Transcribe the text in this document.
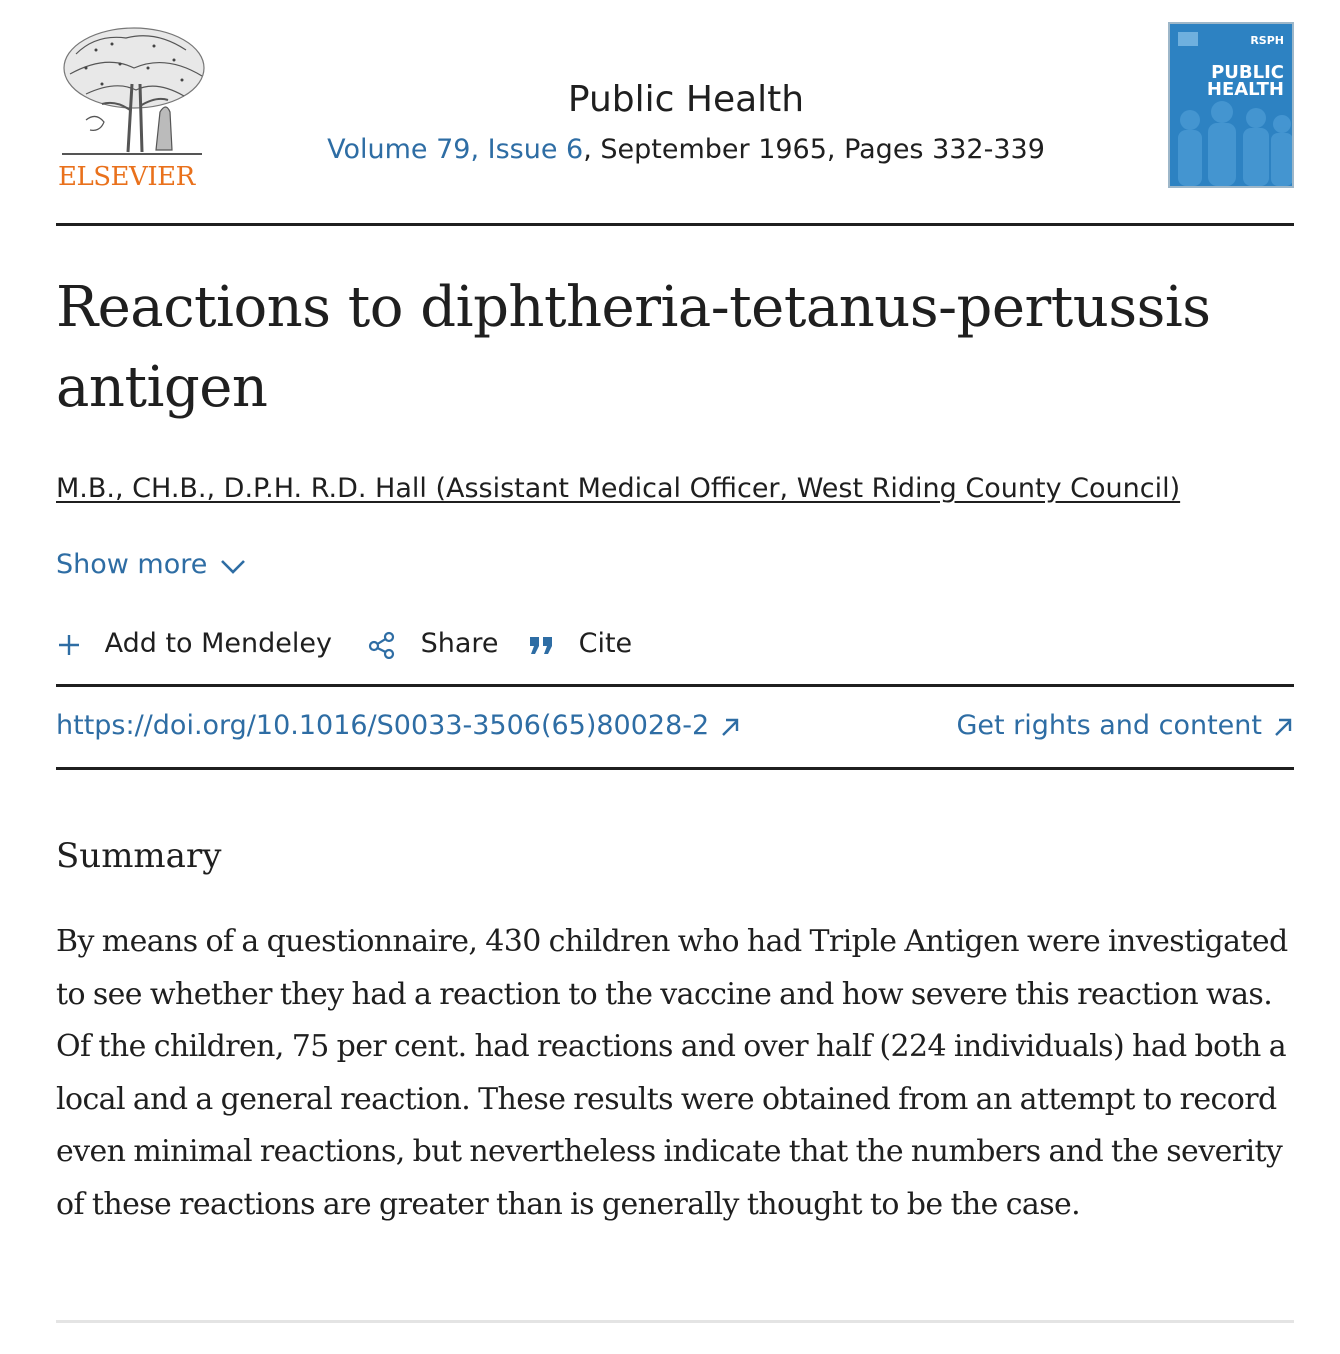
ELSEVIER
Public Health
Volume 79, Issue 6, September 1965, Pages 332-339
RSPH
PUBLIC
HEALTH
Reactions to diphtheria-tetanus-pertussis antigen
M.B., CH.B., D.P.H. R.D. Hall (Assistant Medical Officer, West Riding County Council)
Show more
Add to Mendeley	Share	Cite
https://doi.org/10.1016/S0033-3506(65)80028-2	Get rights and content
Summary

By means of a questionnaire, 430 children who had Triple Antigen were investigated to see whether they had a reaction to the vaccine and how severe this reaction was. Of the children, 75 per cent. had reactions and over half (224 individuals) had both a local and a general reaction. These results were obtained from an attempt to record even minimal reactions, but nevertheless indicate that the numbers and the severity of these reactions are greater than is generally thought to be the case.
